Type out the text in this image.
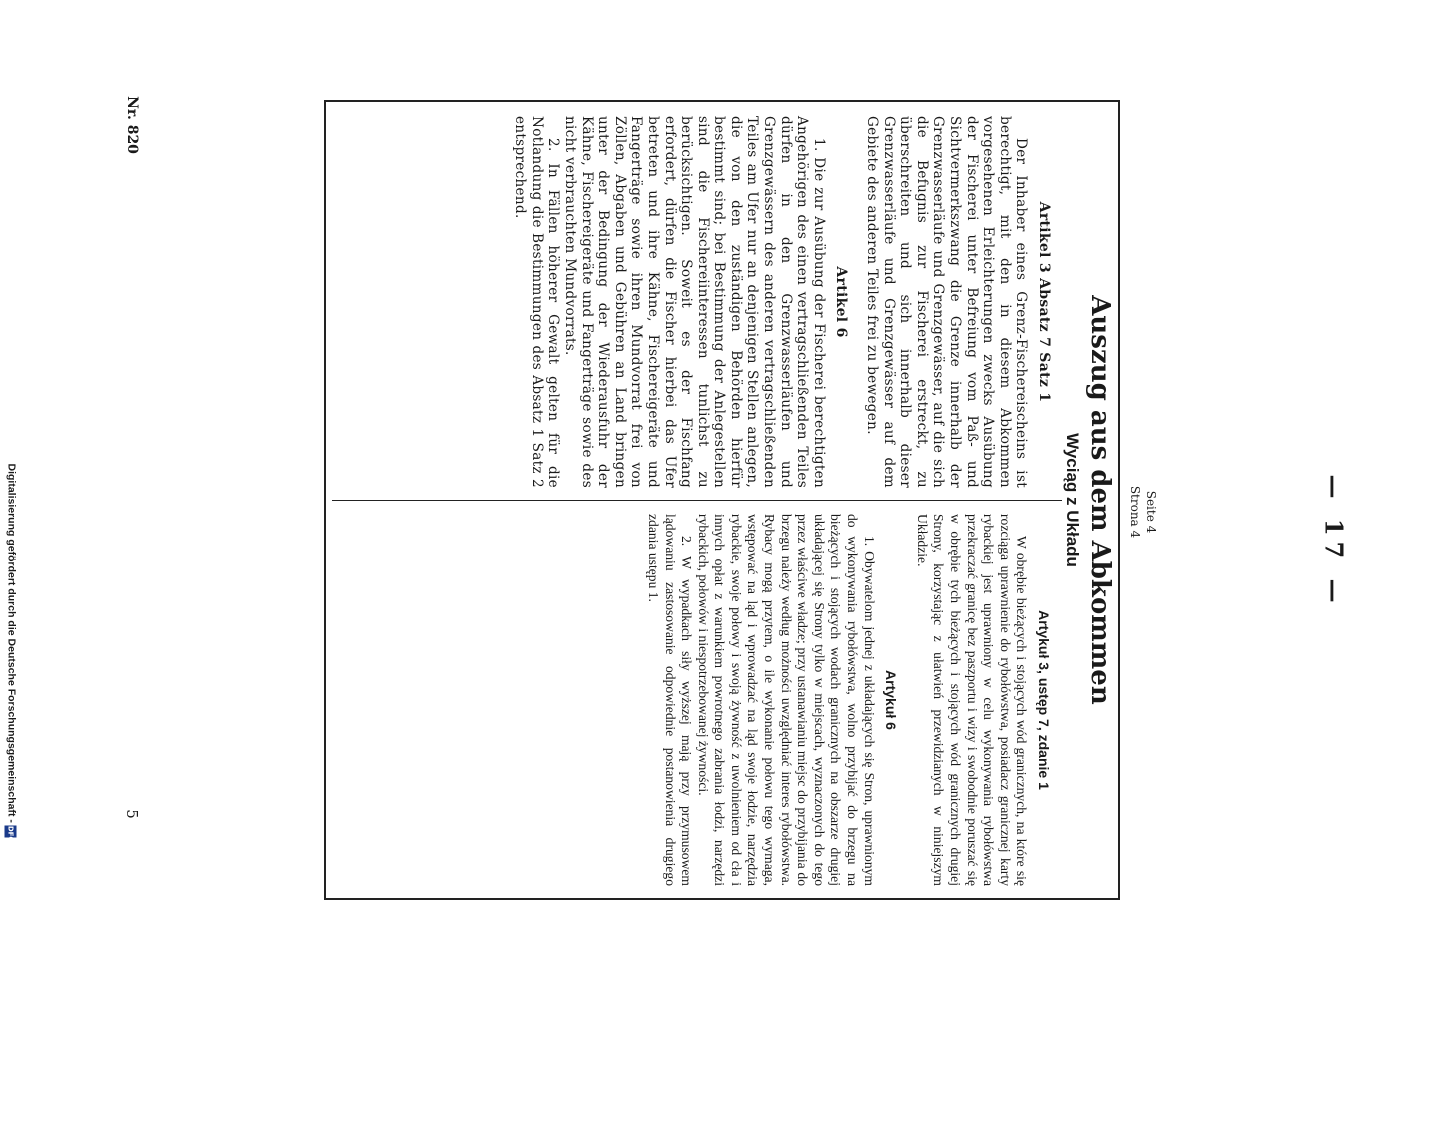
Nr. 820
5
Digitalisierung gefördert durch die Deutsche Forschungsgemeinschaft - DFG
— 17 —
Seite 4
Strona 4
Auszug aus dem Abkommen
Wyciąg z Układu
Artikel 3 Absatz 7 Satz 1

Der Inhaber eines Grenz-Fischereischeins ist berechtigt, mit den in diesem Abkommen vorgesehenen Erleichterungen zwecks Ausübung der Fischerei unter Befreiung vom Paß- und Sichtvermerkszwang die Grenze innerhalb der Grenzwasserläufe und Grenzgewässer, auf die sich die Befugnis zur Fischerei erstreckt, zu überschreiten und sich innerhalb dieser Grenzwasserläufe und Grenzgewässer auf dem Gebiete des anderen Teiles frei zu bewegen.

Artikel 6

1. Die zur Ausübung der Fischerei berechtigten Angehörigen des einen vertragschließenden Teiles dürfen in den Grenzwasserläufen und Grenzgewässern des anderen vertragschließenden Teiles am Ufer nur an denjenigen Stellen anlegen, die von den zuständigen Behörden hierfür bestimmt sind; bei Bestimmung der Anlegestellen sind die Fischereiinteressen tunlichst zu berücksichtigen. Soweit es der Fischfang erfordert, dürfen die Fischer hierbei das Ufer betreten und ihre Kähne, Fischereigeräte und Fangerträge sowie ihren Mundvorrat frei von Zöllen, Abgaben und Gebühren an Land bringen unter der Bedingung der Wiederausfuhr der Kähne, Fischereigeräte und Fangerträge sowie des nicht verbrauchten Mundvorrats.

2. In Fällen höherer Gewalt gelten für die Notlandung die Bestimmungen des Absatz 1 Satz 2 entsprechend.

Artykuł 3, ustęp 7, zdanie 1

W obrębie bieżących i stojących wód granicznych, na które się rozciąga uprawnienie do rybołówstwa, posiadacz granicznej karty rybackiej jest uprawniony w celu wykonywania rybołówstwa przekraczać granicę bez paszportu i wizy i swobodnie poruszać się w obrębie tych bieżących i stojących wód granicznych drugiej Strony, korzystając z ułatwień przewidzianych w niniejszym Układzie.

Artykuł 6

1. Obywatelom jednej z układających się Stron, uprawnionym do wykonywania rybołówstwa, wolno przybijać do brzegu na bieżących i stojących wodach granicznych na obszarze drugiej układającej się Strony tylko w miejscach, wyznaczonych do tego przez właściwe władze; przy ustanawianiu miejsc do przybijania do brzegu należy według możności uwzględniać interes rybołówstwa. Rybacy mogą przytem, o ile wykonanie połowu tego wymaga, wstępować na ląd i wprowadzać na ląd swoje łodzie, narzędzia rybackie, swoje połowy i swoją żywność z uwolnieniem od cła i innych opłat z warunkiem powrotnego zabrania łodzi, narzędzi rybackich, połowów i niespotrzebowanej żywności.

2. W wypadkach siły wyższej mają przy przymusowem lądowaniu zastosowanie odpowiednie postanowienia drugiego zdania ustępu 1.
